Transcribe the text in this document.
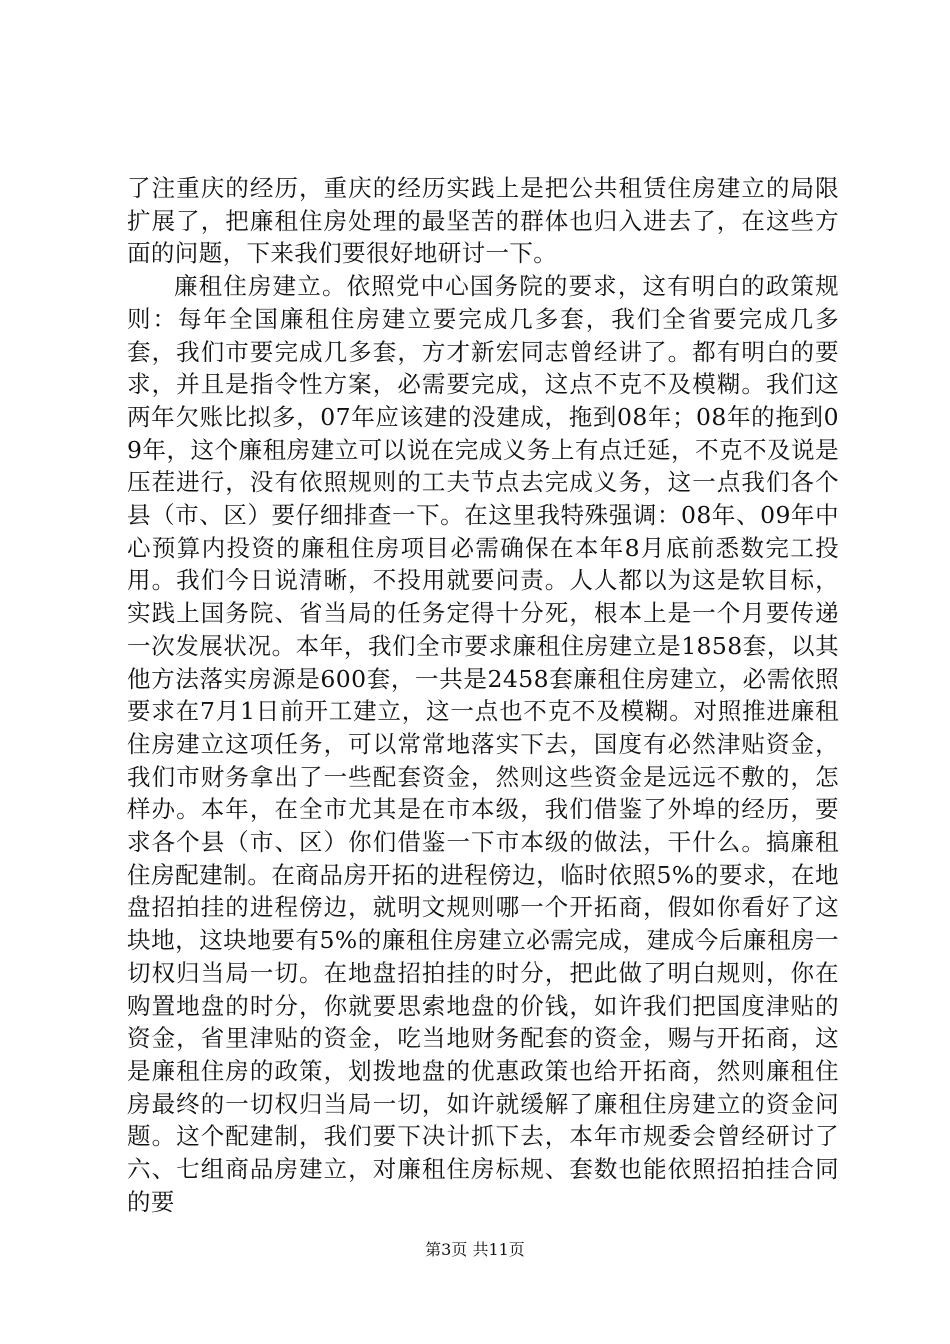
了注重庆的经历，重庆的经历实践上是把公共租赁住房建立的局限扩展了，把廉租住房处理的最坚苦的群体也归入进去了，在这些方面的问题，下来我们要很好地研讨一下。

廉租住房建立。依照党中心国务院的要求，这有明白的政策规则：每年全国廉租住房建立要完成几多套，我们全省要完成几多套，我们市要完成几多套，方才新宏同志曾经讲了。都有明白的要求，并且是指令性方案，必需要完成，这点不克不及模糊。我们这两年欠账比拟多，07年应该建的没建成，拖到08年；08年的拖到09年，这个廉租房建立可以说在完成义务上有点迁延，不克不及说是压茬进行，没有依照规则的工夫节点去完成义务，这一点我们各个县（市、区）要仔细排查一下。在这里我特殊强调：08年、09年中心预算内投资的廉租住房项目必需确保在本年8月底前悉数完工投用。我们今日说清晰，不投用就要问责。人人都以为这是软目标，实践上国务院、省当局的任务定得十分死，根本上是一个月要传递一次发展状况。本年，我们全市要求廉租住房建立是1858套，以其他方法落实房源是600套，一共是2458套廉租住房建立，必需依照要求在7月1日前开工建立，这一点也不克不及模糊。对照推进廉租住房建立这项任务，可以常常地落实下去，国度有必然津贴资金，我们市财务拿出了一些配套资金，然则这些资金是远远不敷的，怎样办。本年，在全市尤其是在市本级，我们借鉴了外埠的经历，要求各个县（市、区）你们借鉴一下市本级的做法，干什么。搞廉租住房配建制。在商品房开拓的进程傍边，临时依照5%的要求，在地盘招拍挂的进程傍边，就明文规则哪一个开拓商，假如你看好了这块地，这块地要有5%的廉租住房建立必需完成，建成今后廉租房一切权归当局一切。在地盘招拍挂的时分，把此做了明白规则，你在购置地盘的时分，你就要思索地盘的价钱，如许我们把国度津贴的资金，省里津贴的资金，吃当地财务配套的资金，赐与开拓商，这是廉租住房的政策，划拨地盘的优惠政策也给开拓商，然则廉租住房最终的一切权归当局一切，如许就缓解了廉租住房建立的资金问题。这个配建制，我们要下决计抓下去，本年市规委会曾经研讨了六、七组商品房建立，对廉租住房标规、套数也能依照招拍挂合同的要

第3页 共11页
